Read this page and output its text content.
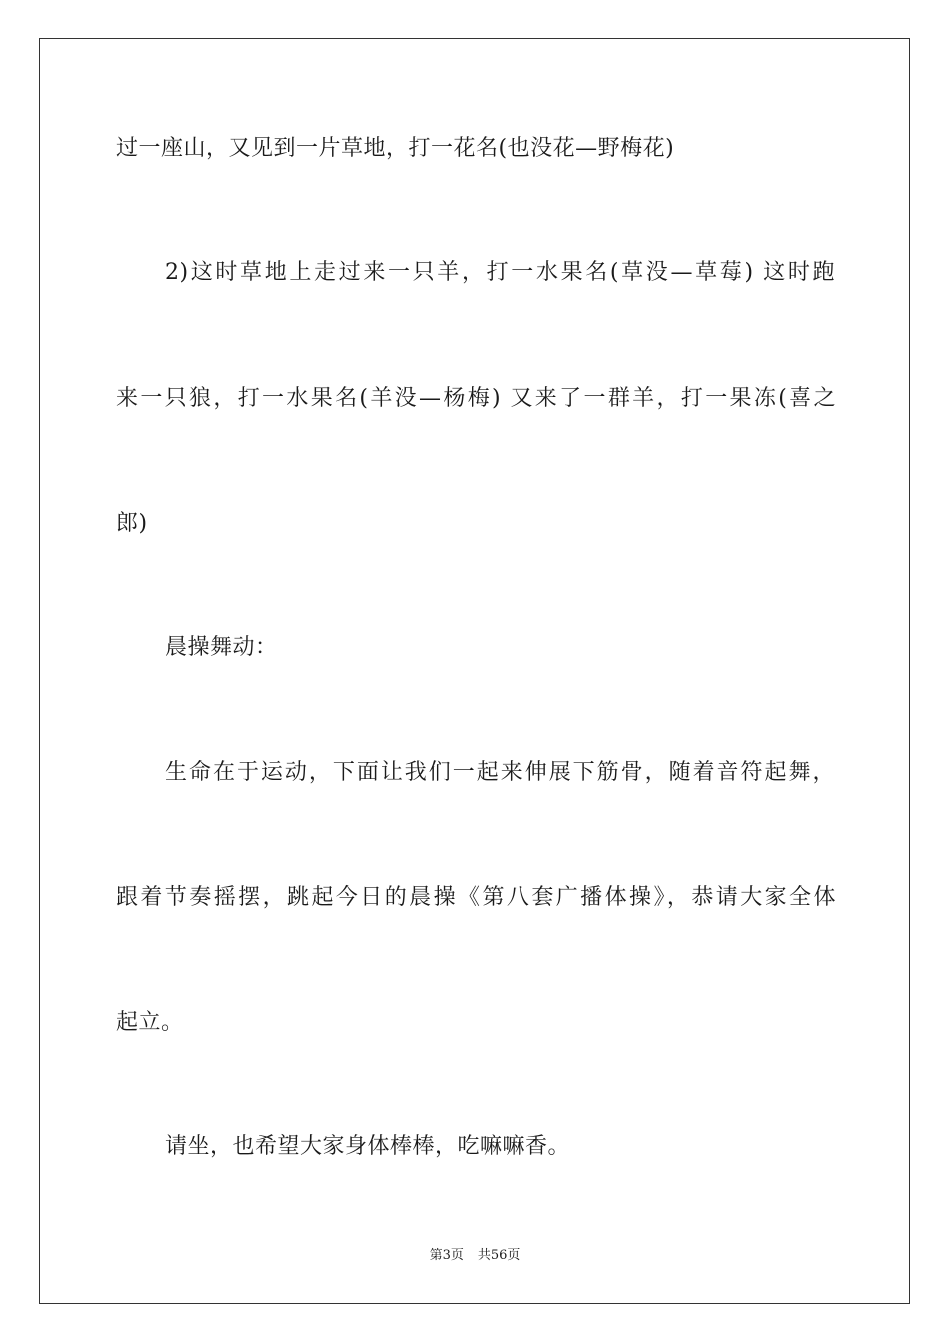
过一座山，又见到一片草地，打一花名(也没花—野梅花)
2)这时草地上走过来一只羊，打一水果名(草没—草莓) 这时跑
来一只狼，打一水果名(羊没—杨梅) 又来了一群羊，打一果冻(喜之
郎)
晨操舞动：
生命在于运动，下面让我们一起来伸展下筋骨，随着音符起舞，
跟着节奏摇摆，跳起今日的晨操《第八套广播体操》，恭请大家全体
起立。
请坐，也希望大家身体棒棒，吃嘛嘛香。
第3页 共56页
